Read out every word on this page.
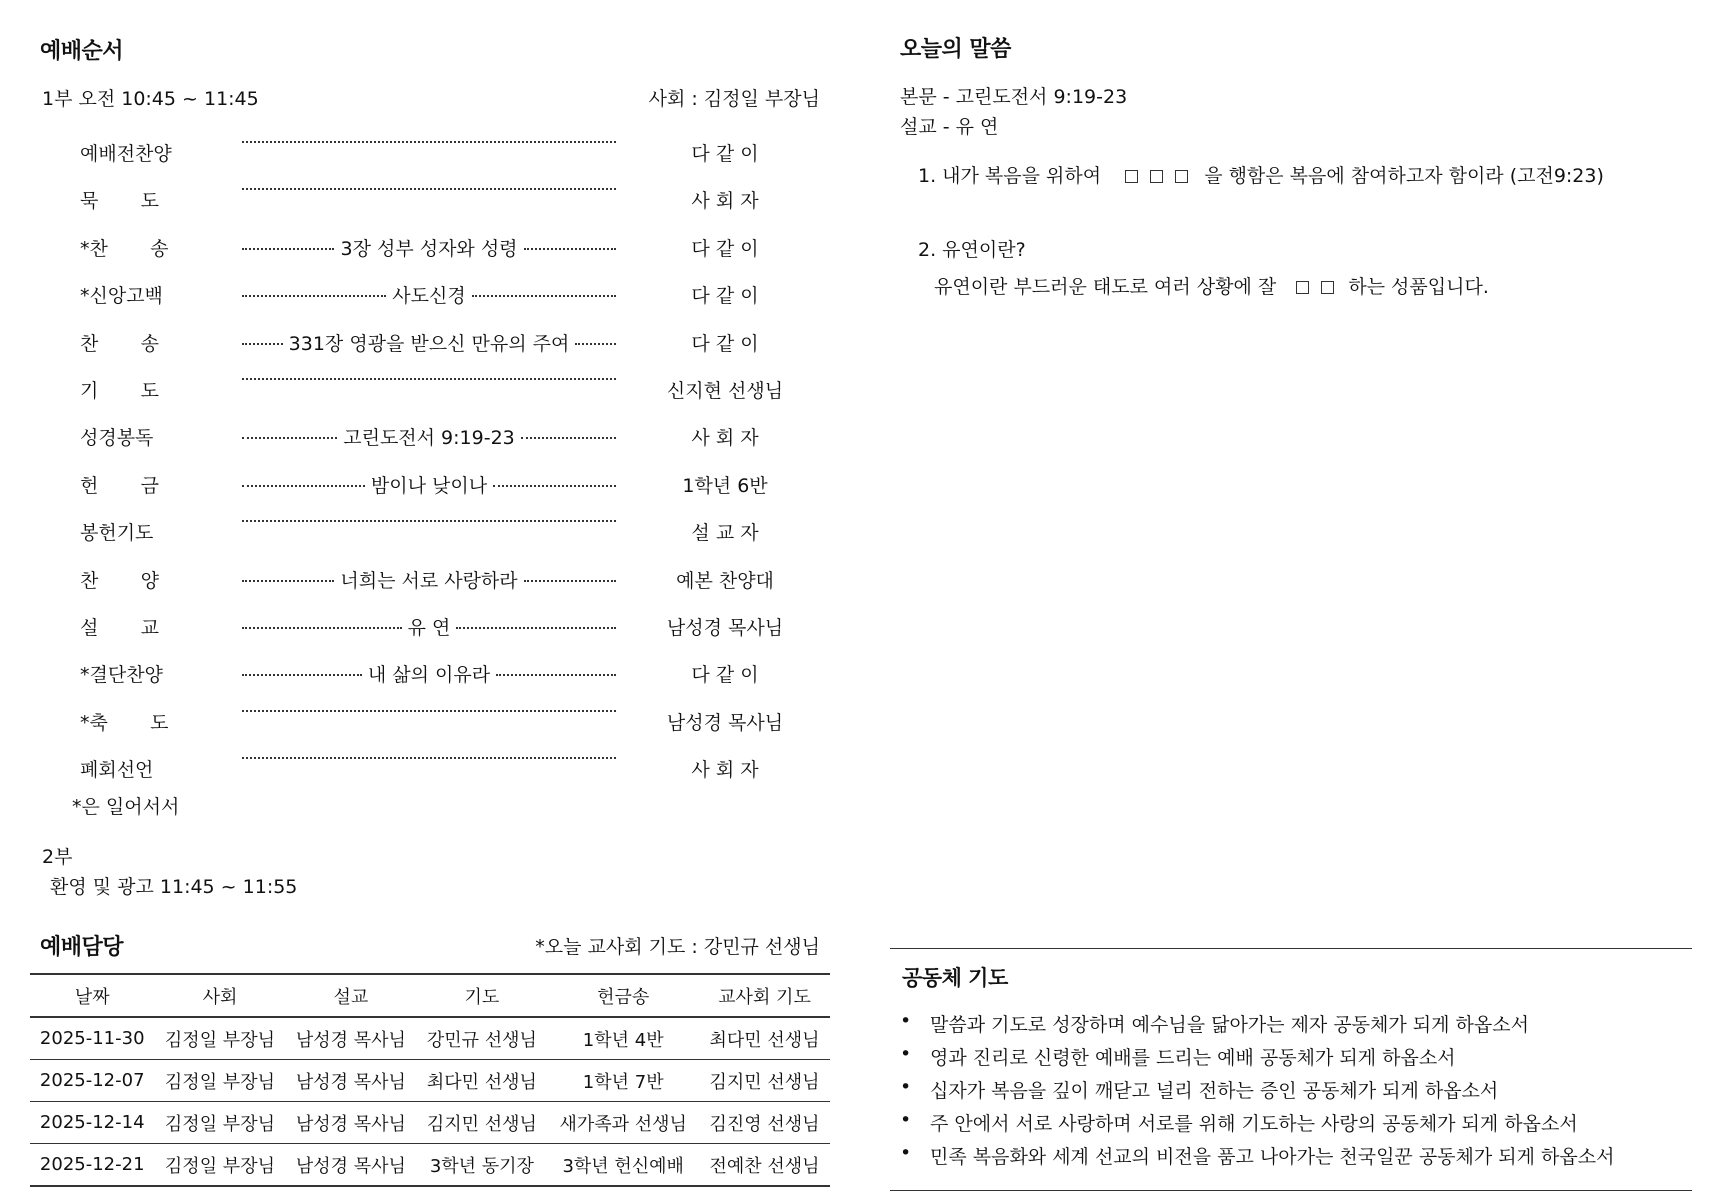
예배순서
1부 오전 10:45 ~ 11:45	사회 : 김정일 부장님
예배전찬양	다 같 이
묵       도	사 회 자
*찬       송	3장 성부 성자와 성령	다 같 이
*신앙고백	사도신경	다 같 이
찬       송	331장 영광을 받으신 만유의 주여	다 같 이
기       도	신지현 선생님
성경봉독	고린도전서 9:19-23	사 회 자
헌       금	밤이나 낮이나	1학년 6반
봉헌기도	설 교 자
찬       양	너희는 서로 사랑하라	예본 찬양대
설       교	유 연	남성경 목사님
*결단찬양	내 삶의 이유라	다 같 이
*축       도	남성경 목사님
폐회선언	사 회 자
*은 일어서서
2부
환영 및 광고 11:45 ~ 11:55
예배담당	*오늘 교사회 기도 : 강민규 선생님
날짜	사회	설교	기도	헌금송	교사회 기도
2025-11-30	김정일 부장님	남성경 목사님	강민규 선생님	1학년 4반	최다민 선생님
2025-12-07	김정일 부장님	남성경 목사님	최다민 선생님	1학년 7반	김지민 선생님
2025-12-14	김정일 부장님	남성경 목사님	김지민 선생님	새가족과 선생님	김진영 선생님
2025-12-21	김정일 부장님	남성경 목사님	3학년 동기장	3학년 헌신예배	전예찬 선생님
오늘의 말씀
본문 - 고린도전서 9:19-23
설교 - 유 연
1. 내가 복음을 위하여	을 행함은 복음에 참여하고자 함이라 (고전9:23)
2. 유연이란?
유연이란 부드러운 태도로 여러 상황에 잘	하는 성품입니다.
공동체 기도
• 말씀과 기도로 성장하며 예수님을 닮아가는 제자 공동체가 되게 하옵소서
• 영과 진리로 신령한 예배를 드리는 예배 공동체가 되게 하옵소서
• 십자가 복음을 깊이 깨닫고 널리 전하는 증인 공동체가 되게 하옵소서
• 주 안에서 서로 사랑하며 서로를 위해 기도하는 사랑의 공동체가 되게 하옵소서
• 민족 복음화와 세계 선교의 비전을 품고 나아가는 천국일꾼 공동체가 되게 하옵소서
